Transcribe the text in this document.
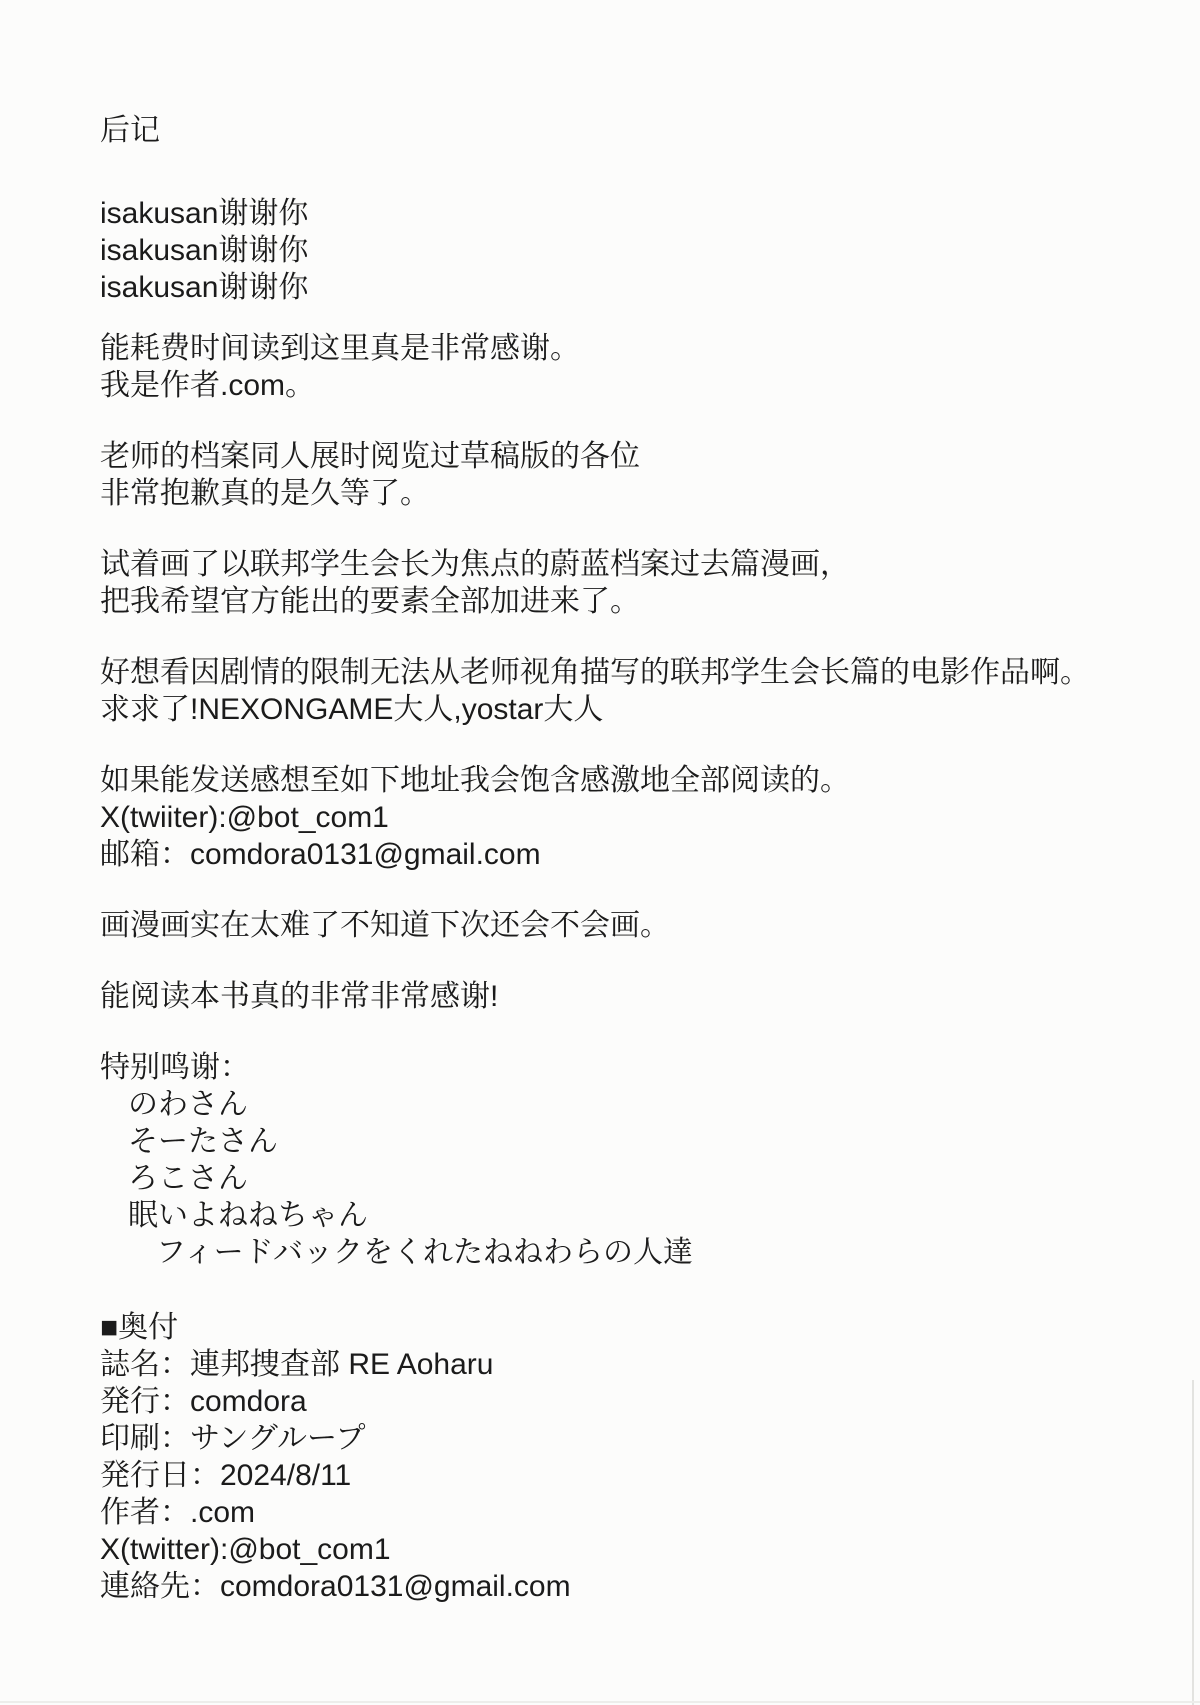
后记

isakusan谢谢你
isakusan谢谢你
isakusan谢谢你

能耗费时间读到这里真是非常感谢。
我是作者.com。

老师的档案同人展时阅览过草稿版的各位
非常抱歉真的是久等了。

试着画了以联邦学生会长为焦点的蔚蓝档案过去篇漫画，
把我希望官方能出的要素全部加进来了。

好想看因剧情的限制无法从老师视角描写的联邦学生会长篇的电影作品啊。
求求了!NEXONGAME大人,yostar大人

如果能发送感想至如下地址我会饱含感激地全部阅读的。
X(twiiter):@bot_com1
邮箱：comdora0131@gmail.com

画漫画实在太难了不知道下次还会不会画。

能阅读本书真的非常非常感谢!

特别鸣谢：
のわさん
そーたさん
ろこさん
眠いよねねちゃん
フィードバックをくれたねねわらの人達

■奥付
誌名：連邦捜査部 RE Aoharu
発行：comdora
印刷：サングループ
発行日：2024/8/11
作者：.com
X(twitter):@bot_com1
連絡先：comdora0131@gmail.com
